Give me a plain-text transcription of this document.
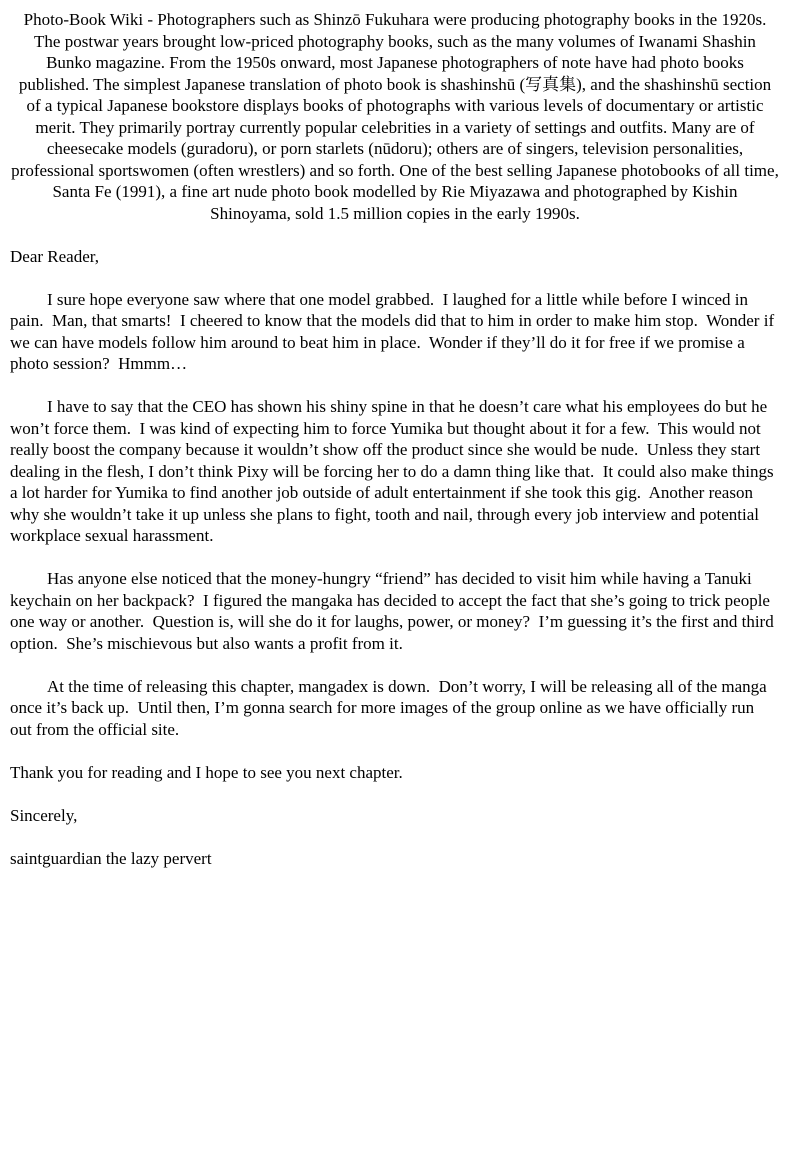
Photo-Book Wiki - Photographers such as Shinzō Fukuhara were producing photography books in the 1920s. The postwar years brought low-priced photography books, such as the many volumes of Iwanami Shashin Bunko magazine. From the 1950s onward, most Japanese photographers of note have had photo books published. The simplest Japanese translation of photo book is shashinshū (写真集), and the shashinshū section of a typical Japanese bookstore displays books of photographs with various levels of documentary or artistic merit. They primarily portray currently popular celebrities in a variety of settings and outfits. Many are of cheesecake models (guradoru), or porn starlets (nūdoru); others are of singers, television personalities, professional sportswomen (often wrestlers) and so forth. One of the best selling Japanese photobooks of all time, Santa Fe (1991), a fine art nude photo book modelled by Rie Miyazawa and photographed by Kishin Shinoyama, sold 1.5 million copies in the early 1990s.

Dear Reader,

I sure hope everyone saw where that one model grabbed.  I laughed for a little while before I winced in pain.  Man, that smarts!  I cheered to know that the models did that to him in order to make him stop.  Wonder if we can have models follow him around to beat him in place.  Wonder if they’ll do it for free if we promise a photo session?  Hmmm…

I have to say that the CEO has shown his shiny spine in that he doesn’t care what his employees do but he won’t force them.  I was kind of expecting him to force Yumika but thought about it for a few.  This would not really boost the company because it wouldn’t show off the product since she would be nude.  Unless they start dealing in the flesh, I don’t think Pixy will be forcing her to do a damn thing like that.  It could also make things a lot harder for Yumika to find another job outside of adult entertainment if she took this gig.  Another reason why she wouldn’t take it up unless she plans to fight, tooth and nail, through every job interview and potential workplace sexual harassment.

Has anyone else noticed that the money-hungry “friend” has decided to visit him while having a Tanuki keychain on her backpack?  I figured the mangaka has decided to accept the fact that she’s going to trick people one way or another.  Question is, will she do it for laughs, power, or money?  I’m guessing it’s the first and third option.  She’s mischievous but also wants a profit from it.

At the time of releasing this chapter, mangadex is down.  Don’t worry, I will be releasing all of the manga once it’s back up.  Until then, I’m gonna search for more images of the group online as we have officially run out from the official site.

Thank you for reading and I hope to see you next chapter.

Sincerely,

saintguardian the lazy pervert
